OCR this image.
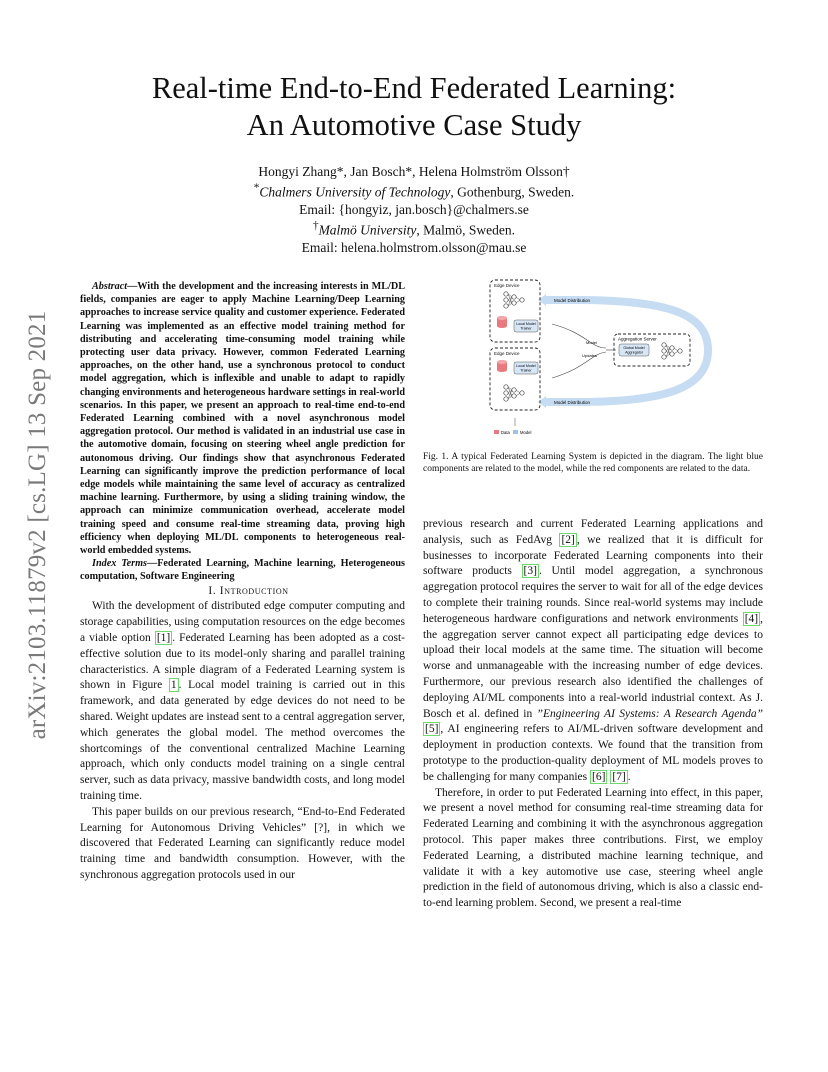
arXiv:2103.11879v2 [cs.LG] 13 Sep 2021
Real-time End-to-End Federated Learning:
An Automotive Case Study
Hongyi Zhang*, Jan Bosch*, Helena Holmström Olsson†
*Chalmers University of Technology, Gothenburg, Sweden.
Email: {hongyiz, jan.bosch}@chalmers.se
†Malmö University, Malmö, Sweden.
Email: helena.holmstrom.olsson@mau.se

Abstract—With the development and the increasing interests in ML/DL fields, companies are eager to apply Machine Learning/Deep Learning approaches to increase service quality and customer experience. Federated Learning was implemented as an effective model training method for distributing and accelerating time-consuming model training while protecting user data privacy. However, common Federated Learning approaches, on the other hand, use a synchronous protocol to conduct model aggregation, which is inflexible and unable to adapt to rapidly changing environments and heterogeneous hardware settings in real-world scenarios. In this paper, we present an approach to real-time end-to-end Federated Learning combined with a novel asynchronous model aggregation protocol. Our method is validated in an industrial use case in the automotive domain, focusing on steering wheel angle prediction for autonomous driving. Our findings show that asynchronous Federated Learning can significantly improve the prediction performance of local edge models while maintaining the same level of accuracy as centralized machine learning. Furthermore, by using a sliding training window, the approach can minimize communication overhead, accelerate model training speed and consume real-time streaming data, proving high efficiency when deploying ML/DL components to heterogeneous real-world embedded systems.

Index Terms—Federated Learning, Machine learning, Heterogeneous computation, Software Engineering

I. Introduction

With the development of distributed edge computer computing and storage capabilities, using computation resources on the edge becomes a viable option [1] . Federated Learning has been adopted as a cost-effective solution due to its model-only sharing and parallel training characteristics. A simple diagram of a Federated Learning system is shown in Figure 1 . Local model training is carried out in this framework, and data generated by edge devices do not need to be shared. Weight updates are instead sent to a central aggregation server, which generates the global model. The method overcomes the shortcomings of the conventional centralized Machine Learning approach, which only conducts model training on a single central server, such as data privacy, massive bandwidth costs, and long model training time.

This paper builds on our previous research, “End-to-End Federated Learning for Autonomous Driving Vehicles” [?], in which we discovered that Federated Learning can significantly reduce model training time and bandwidth consumption. However, with the synchronous aggregation protocols used in our

Edge Device
Local Model
Trainer
Edge Device
Local Model
Trainer
Model Distribution
Model Distribution
Model
Updates
Aggregation Server
Global Model
Aggregator
Data Model
Fig. 1. A typical Federated Learning System is depicted in the diagram. The light blue components are related to the model, while the red components are related to the data.

previous research and current Federated Learning applications and analysis, such as FedAvg [2] , we realized that it is difficult for businesses to incorporate Federated Learning components into their software products [3] . Until model aggregation, a synchronous aggregation protocol requires the server to wait for all of the edge devices to complete their training rounds. Since real-world systems may include heterogeneous hardware configurations and network environments [4] , the aggregation server cannot expect all participating edge devices to upload their local models at the same time. The situation will become worse and unmanageable with the increasing number of edge devices. Furthermore, our previous research also identified the challenges of deploying AI/ML components into a real-world industrial context. As J. Bosch et al. defined in ”Engineering AI Systems: A Research Agenda” [5] , AI engineering refers to AI/ML-driven software development and deployment in production contexts. We found that the transition from prototype to the production-quality deployment of ML models proves to be challenging for many companies [6] [7] .

Therefore, in order to put Federated Learning into effect, in this paper, we present a novel method for consuming real-time streaming data for Federated Learning and combining it with the asynchronous aggregation protocol. This paper makes three contributions. First, we employ Federated Learning, a distributed machine learning technique, and validate it with a key automotive use case, steering wheel angle prediction in the field of autonomous driving, which is also a classic end-to-end learning problem. Second, we present a real-time
